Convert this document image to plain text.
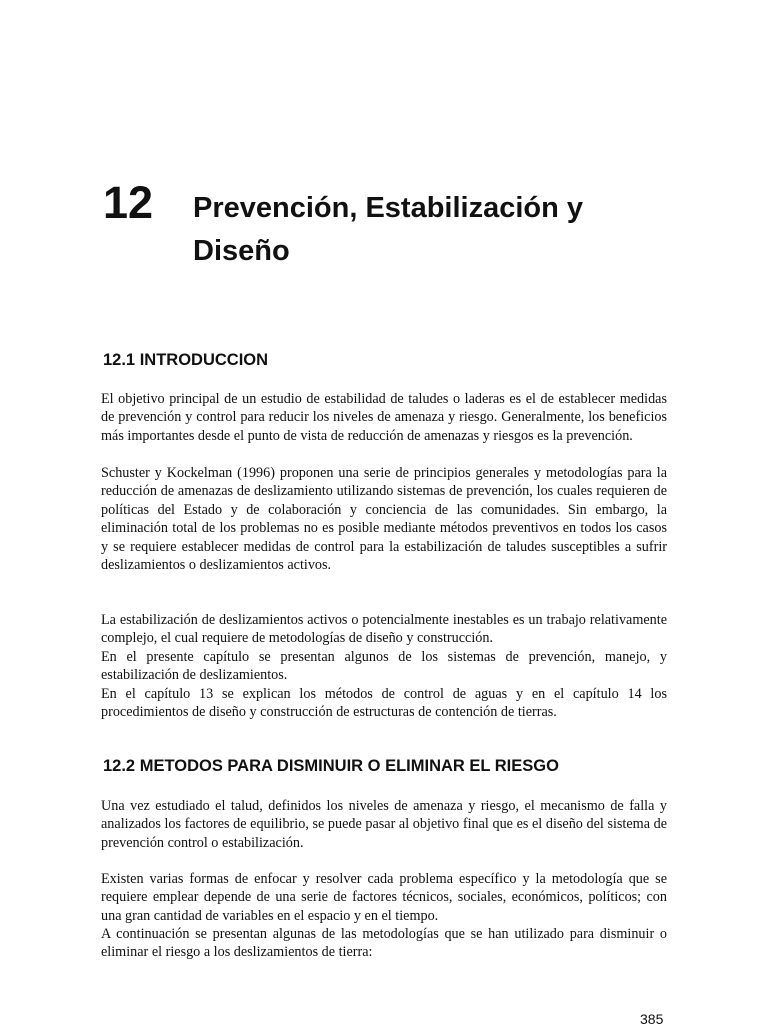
12 Prevención, Estabilización y Diseño
12.1 INTRODUCCION

El objetivo principal de un estudio de estabilidad de taludes o laderas es el de establecer medidas de prevención y control para reducir los niveles de amenaza y riesgo. Generalmente, los beneficios más importantes desde el punto de vista de reducción de amenazas y riesgos es la prevención.

Schuster y Kockelman (1996) proponen una serie de principios generales y metodologías para la reducción de amenazas de deslizamiento utilizando sistemas de prevención, los cuales requieren de políticas del Estado y de colaboración y conciencia de las comunidades. Sin embargo, la eliminación total de los problemas no es posible mediante métodos preventivos en todos los casos y se requiere establecer medidas de control para la estabilización de taludes susceptibles a sufrir deslizamientos o deslizamientos activos.

La estabilización de deslizamientos activos o potencialmente inestables es un trabajo relativamente complejo, el cual requiere de metodologías de diseño y construcción.

En el presente capítulo se presentan algunos de los sistemas de prevención, manejo, y estabilización de deslizamientos.

En el capítulo 13 se explican los métodos de control de aguas y en el capítulo 14 los procedimientos de diseño y construcción de estructuras de contención de tierras.

12.2 METODOS PARA DISMINUIR O ELIMINAR EL RIESGO

Una vez estudiado el talud, definidos los niveles de amenaza y riesgo, el mecanismo de falla y analizados los factores de equilibrio, se puede pasar al objetivo final que es el diseño del sistema de prevención control o estabilización.

Existen varias formas de enfocar y resolver cada problema específico y la metodología que se requiere emplear depende de una serie de factores técnicos, sociales, económicos, políticos; con una gran cantidad de variables en el espacio y en el tiempo.

A continuación se presentan algunas de las metodologías que se han utilizado para disminuir o eliminar el riesgo a los deslizamientos de tierra:

385
